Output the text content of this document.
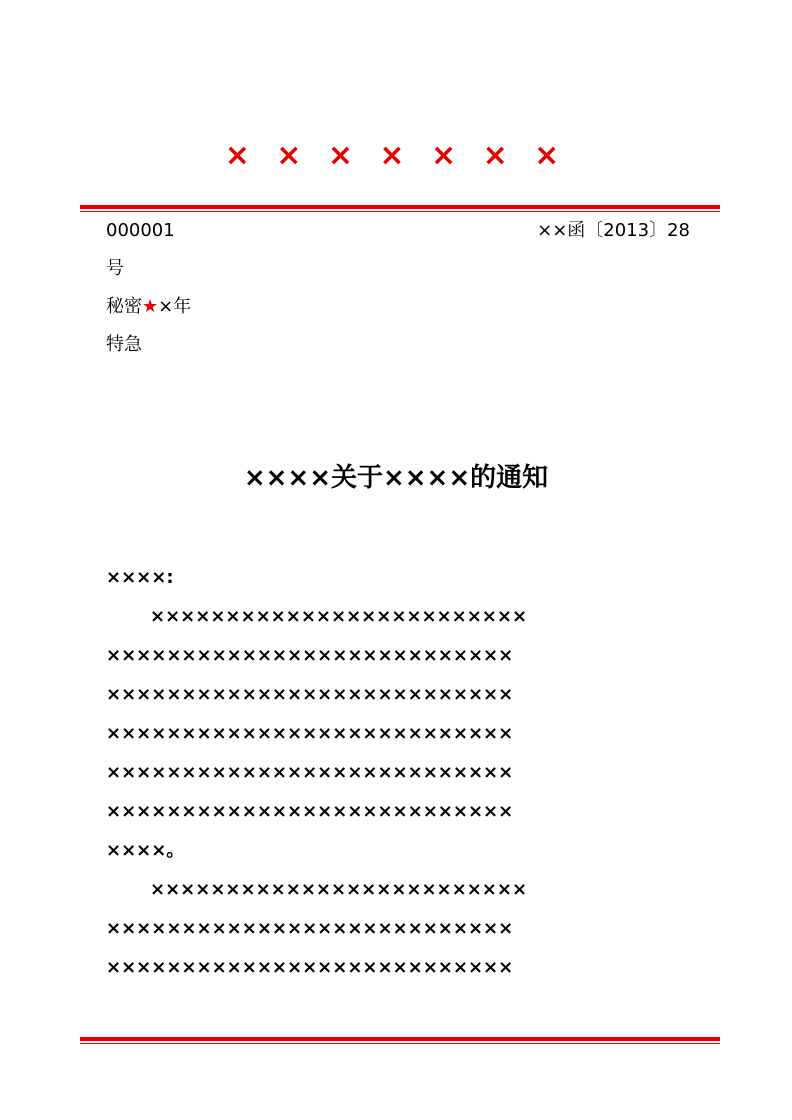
× × × × × × ×
000001	××函〔2013〕28
号
秘密★×年
特急
××××关于××××的通知

××××:

×××××××××××××××××××××××××

×××××××××××××××××××××××××××

×××××××××××××××××××××××××××

×××××××××××××××××××××××××××

×××××××××××××××××××××××××××

×××××××××××××××××××××××××××

××××。

×××××××××××××××××××××××××

×××××××××××××××××××××××××××

×××××××××××××××××××××××××××
